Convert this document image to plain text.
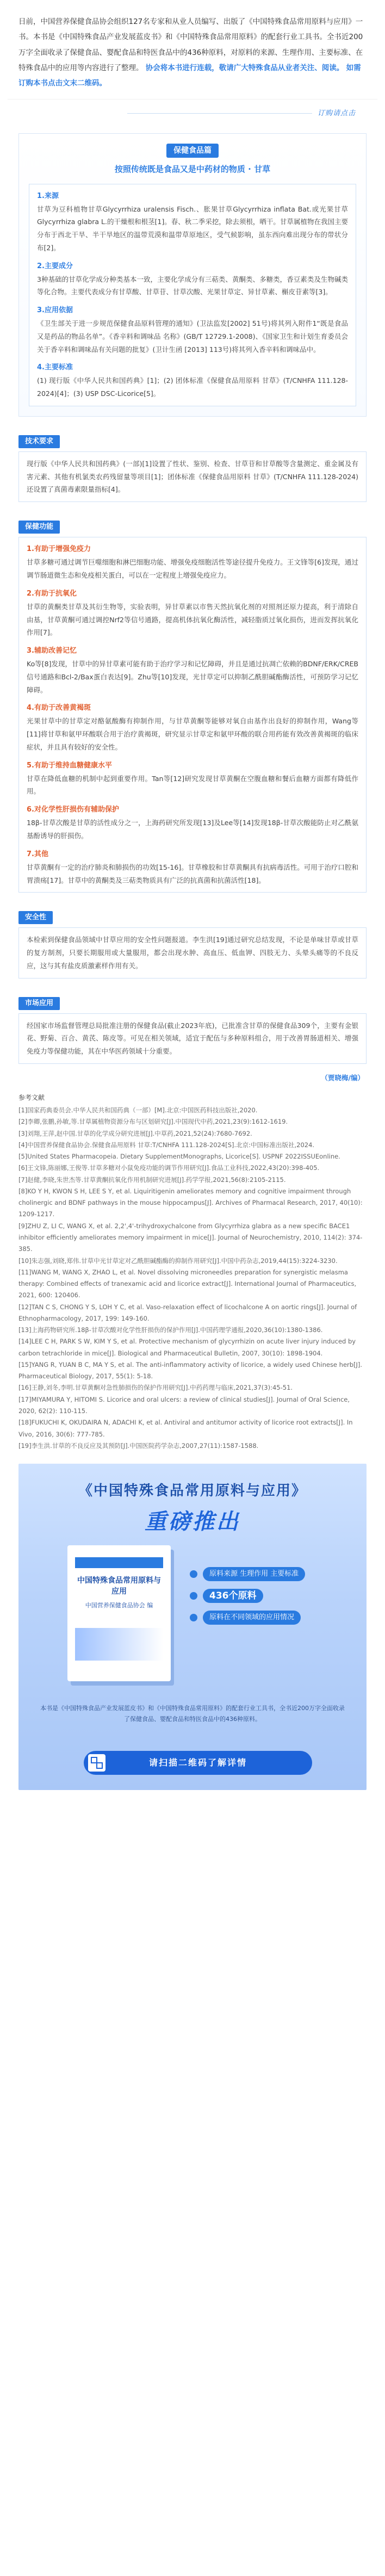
日前，中国营养保健食品协会组织127名专家和从业人员编写、出版了《中国特殊食品常用原料与应用》一书。本书是《中国特殊食品产业发展蓝皮书》和《中国特殊食品常用原料》的配套行业工具书。全书近200万字全面收录了保健食品、婴配食品和特医食品中的436种原料，对原料的来源、生理作用、主要标准、在特殊食品中的应用等内容进行了整理。 协会将本书进行连载，敬请广大特殊食品从业者关注、阅读。 如需订购本书点击文末二维码。
订购请点击
保健食品篇
按照传统既是食品又是中药材的物质 · 甘草
1.来源

甘草为豆科植物甘草Glycyrrhiza uralensis Fisch.、胀果甘草Glycyrrhiza inflata Bat.或光果甘草Glycyrrhiza glabra L.的干燥根和根茎[1]。春、秋二季采挖，除去须根，晒干。甘草属植物在我国主要分布于西北干旱、半干旱地区的温带荒漠和温带草原地区，受气候影响，虽东西向难出现分布的带状分布[2]。

2.主要成分

3种基础的甘草化学成分种类基本一致，主要化学成分有三萜类、黄酮类、多糖类，香豆素类及生物碱类等化合物。主要代表成分有甘草酸、甘草苷、甘草次酸、光果甘草定、异甘草素、槲皮苷素等[3]。

3.应用依据

《卫生部关于进一步规范保健食品原料管理的通知》(卫法监发[2002] 51号)将其列入附件1“既是食品又是药品的物品名单”。《香辛料和调味品 名称》(GB/T 12729.1-2008)、《国家卫生和计划生育委员会关于香辛料和调味品有关问题的批复》(卫计生函 [2013] 113号)将其列入香辛料和调味品中。

4.主要标准

(1) 现行版《中华人民共和国药典》[1]；(2) 团体标准《保健食品用原料 甘草》(T/CNHFA 111.128-2024)[4]；(3) USP DSC-Licorice[5]。

技术要求

现行版《中华人民共和国药典》(一部)[1]设置了性状、鉴别、检查、甘草苷和甘草酸等含量测定、重金属及有害元素、其他有机氯类农药残留量等项目[1]；团体标准《保健食品用原料 甘草》(T/CNHFA 111.128-2024)还设置了真菌毒素限量指标[4]。

保健功能
1.有助于增强免疫力

甘草多糖可通过调节巨噬细胞和淋巴细胞功能、增强免疫细胞活性等途径提升免疫力。王文锋等[6]发现，通过调节肠道微生态和免疫相关蛋白，可以在一定程度上增强免疫应力。

2.有助于抗氧化

甘草的黄酮类甘草及其衍生物等，实验表明，异甘草素以市售天然抗氧化剂的对照剂还原力提高，利于清除自由基，甘草黄酮可通过调控Nrf2等信号通路，提高机体抗氧化酶活性，减轻脂质过氧化损伤，进而发挥抗氧化作用[7]。

3.辅助改善记忆

Ko等[8]发现，甘草中的异甘草素可能有助于治疗学习和记忆障碍，并且是通过抗凋亡依赖的BDNF/ERK/CREB信号通路和Bcl-2/Bax蛋白表达[9]。Zhu等[10]发现，光甘草定可以抑制乙酰胆碱酯酶活性，可预防学习记忆障碍。

4.有助于改善黄褐斑

光果甘草中的甘草定对酪氨酸酶有抑制作用，与甘草黄酮等能够对氧自由基作出良好的抑制作用，Wang等[11]将甘草和氨甲环酸联合用于治疗黄褐斑，研究显示甘草定和氨甲环酸的联合用药能有效改善黄褐斑的临床症状，并且具有较好的安全性。

5.有助于维持血糖健康水平

甘草在降低血糖的机制中起到重要作用。Tan等[12]研究发现甘草黄酮在空腹血糖和餐后血糖方面都有降低作用。

6.对化学性肝损伤有辅助保护

18β-甘草次酸是甘草的活性成分之一，上海药研究所发现[13]及Lee等[14]发现18β-甘草次酸能防止对乙酰氨基酚诱导的肝损伤。

7.其他

甘草黄酮有一定的治疗肺炎和肺损伤的功效[15-16]。甘草橡胶和甘草黄酮具有抗病毒活性。可用于治疗口腔和胃溃疡[17]。甘草中的黄酮类及三萜类物质具有广泛的抗真菌和抗菌活性[18]。

安全性

本检索到保健食品领域中甘草应用的安全性问题报道。李生洪[19]通过研究总结发现，不论是单味甘草或甘草的复方制剂，只要长期服用或大量服用，都会出现水肿、高血压、低血钾、四肢无力、头晕头痛等的不良反应，这与其有盐皮质激素样作用有关。

市场应用

经国家市场监督管理总局批准注册的保健食品(截止2023年底)，已批准含甘草的保健食品309个，主要有金银花、野菊、百合、黄芪、陈皮等。可见在相关领域，适宜于配伍与多种原料组合，用于改善胃肠道相关、增强免疫力等保健功能，其在中华医药领域十分重要。

（贾晓梅/编）
参考文献
[1]国家药典委员会.中华人民共和国药典（一部）[M].北京:中国医药科技出版社,2020.
[2]李卿,张鹏,孙敏,等.甘草属植物资源分布与区划研究[J].中国现代中药,2021,23(9):1612-1619.
[3]刘翔,王萍,赵中国.甘草的化学成分研究进展[J].中草药,2021,52(24):7680-7692.
[4]中国营养保健食品协会.保健食品用原料 甘草:T/CNHFA 111.128-2024[S].北京:中国标准出版社,2024.
[5]United States Pharmacopeia. Dietary SupplementMonographs, Licorice[S]. USPNF 2022ISSUEonline.
[6]王文锋,陈丽娜,王俊等.甘草多糖对小鼠免疫功能的调节作用研究[J].食品工业科技,2022,43(20):398-405.
[7]赵健,李晓,朱世杰等.甘草黄酮抗氧化作用机制研究进展[J].药学学报,2021,56(8):2105-2115.
[8]KO Y H, KWON S H, LEE S Y, et al. Liquiritigenin ameliorates memory and cognitive impairment through cholinergic and BDNF pathways in the mouse hippocampus[J]. Archives of Pharmacal Research, 2017, 40(10): 1209-1217.
[9]ZHU Z, LI C, WANG X, et al. 2,2',4'-trihydroxychalcone from Glycyrrhiza glabra as a new specific BACE1 inhibitor efficiently ameliorates memory impairment in mice[J]. Journal of Neurochemistry, 2010, 114(2): 374-385.
[10]朱志强,刘晓,郑伟.甘草中光甘草定对乙酰胆碱酯酶的抑制作用研究[J].中国中药杂志,2019,44(15):3224-3230.
[11]WANG M, WANG X, ZHAO L, et al. Novel dissolving microneedles preparation for synergistic melasma therapy: Combined effects of tranexamic acid and licorice extract[J]. International Journal of Pharmaceutics, 2021, 600: 120406.
[12]TAN C S, CHONG Y S, LOH Y C, et al. Vaso-relaxation effect of licochalcone A on aortic rings[J]. Journal of Ethnopharmacology, 2017, 199: 149-160.
[13]上海药物研究所.18β-甘草次酸对化学性肝损伤的保护作用[J].中国药理学通报,2020,36(10):1380-1386.
[14]LEE C H, PARK S W, KIM Y S, et al. Protective mechanism of glycyrrhizin on acute liver injury induced by carbon tetrachloride in mice[J]. Biological and Pharmaceutical Bulletin, 2007, 30(10): 1898-1904.
[15]YANG R, YUAN B C, MA Y S, et al. The anti-inflammatory activity of licorice, a widely used Chinese herb[J]. Pharmaceutical Biology, 2017, 55(1): 5-18.
[16]王静,刘冬,李明.甘草黄酮对急性肺损伤的保护作用研究[J].中药药理与临床,2021,37(3):45-51.
[17]MIYAMURA Y, HITOMI S. Licorice and oral ulcers: a review of clinical studies[J]. Journal of Oral Science, 2020, 62(2): 110-115.
[18]FUKUCHI K, OKUDAIRA N, ADACHI K, et al. Antiviral and antitumor activity of licorice root extracts[J]. In Vivo, 2016, 30(6): 777-785.
[19]李生洪.甘草的不良反应及其预防[J].中国医院药学杂志,2007,27(11):1587-1588.
《中国特殊食品常用原料与应用》
重磅推出
中国特殊食品常用原料与应用
中国营养保健食品协会 编
原料来源 生理作用 主要标准
436个原料
原料在不同领域的应用情况
本书是《中国特殊食品产业发展蓝皮书》和《中国特殊食品常用原料》的配套行业工具书，全书近200万字全面收录了保健食品、婴配食品和特医食品中的436种原料。
请扫描二维码了解详情
